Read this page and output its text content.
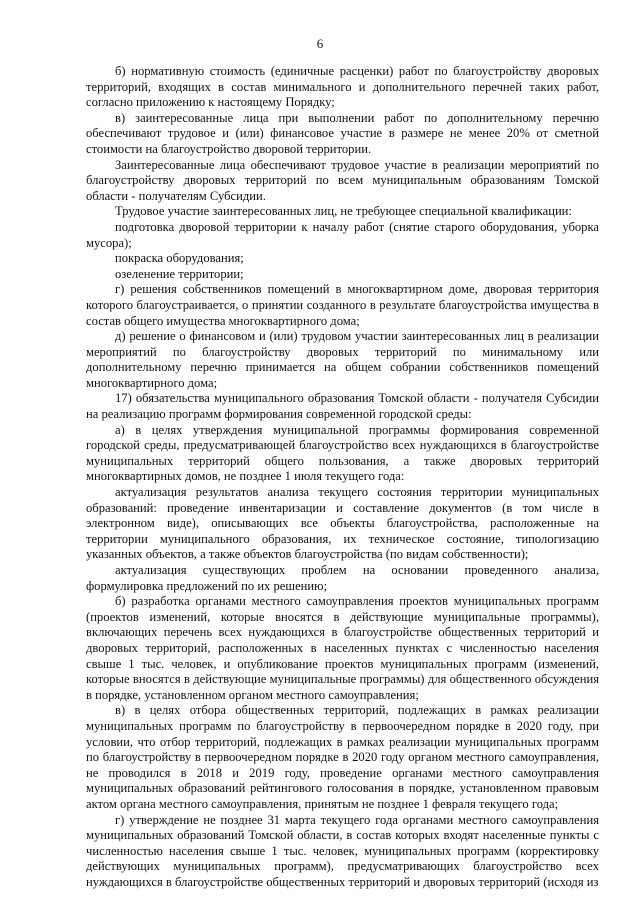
6

б) нормативную стоимость (единичные расценки) работ по благоустройству дворовых территорий, входящих в состав минимального и дополнительного перечней таких работ, согласно приложению к настоящему Порядку;

в) заинтересованные лица при выполнении работ по дополнительному перечню обеспечивают трудовое и (или) финансовое участие в размере не менее 20% от сметной стоимости на благоустройство дворовой территории.

Заинтересованные лица обеспечивают трудовое участие в реализации мероприятий по благоустройству дворовых территорий по всем муниципальным образованиям Томской области - получателям Субсидии.

Трудовое участие заинтересованных лиц, не требующее специальной квалификации:

подготовка дворовой территории к началу работ (снятие старого оборудования, уборка мусора);

покраска оборудования;

озеленение территории;

г) решения собственников помещений в многоквартирном доме, дворовая территория которого благоустраивается, о принятии созданного в результате благоустройства имущества в состав общего имущества многоквартирного дома;

д) решение о финансовом и (или) трудовом участии заинтересованных лиц в реализации мероприятий по благоустройству дворовых территорий по минимальному или дополнительному перечню принимается на общем собрании собственников помещений многоквартирного дома;

17) обязательства муниципального образования Томской области - получателя Субсидии на реализацию программ формирования современной городской среды:

а) в целях утверждения муниципальной программы формирования современной городской среды, предусматривающей благоустройство всех нуждающихся в благоустройстве муниципальных территорий общего пользования, а также дворовых территорий многоквартирных домов, не позднее 1 июля текущего года:

актуализация результатов анализа текущего состояния территории муниципальных образований: проведение инвентаризации и составление документов (в том числе в электронном виде), описывающих все объекты благоустройства, расположенные на территории муниципального образования, их техническое состояние, типологизацию указанных объектов, а также объектов благоустройства (по видам собственности);

актуализация существующих проблем на основании проведенного анализа, формулировка предложений по их решению;

б) разработка органами местного самоуправления проектов муниципальных программ (проектов изменений, которые вносятся в действующие муниципальные программы), включающих перечень всех нуждающихся в благоустройстве общественных территорий и дворовых территорий, расположенных в населенных пунктах с численностью населения свыше 1 тыс. человек, и опубликование проектов муниципальных программ (изменений, которые вносятся в действующие муниципальные программы) для общественного обсуждения в порядке, установленном органом местного самоуправления;

в) в целях отбора общественных территорий, подлежащих в рамках реализации муниципальных программ по благоустройству в первоочередном порядке в 2020 году, при условии, что отбор территорий, подлежащих в рамках реализации муниципальных программ по благоустройству в первоочередном порядке в 2020 году органом местного самоуправления, не проводился в 2018 и 2019 году, проведение органами местного самоуправления муниципальных образований рейтингового голосования в порядке, установленном правовым актом органа местного самоуправления, принятым не позднее 1 февраля текущего года;

г) утверждение не позднее 31 марта текущего года органами местного самоуправления муниципальных образований Томской области, в состав которых входят населенные пункты с численностью населения свыше 1 тыс. человек, муниципальных программ (корректировку действующих муниципальных программ), предусматривающих благоустройство всех нуждающихся в благоустройстве общественных территорий и дворовых территорий (исходя из
